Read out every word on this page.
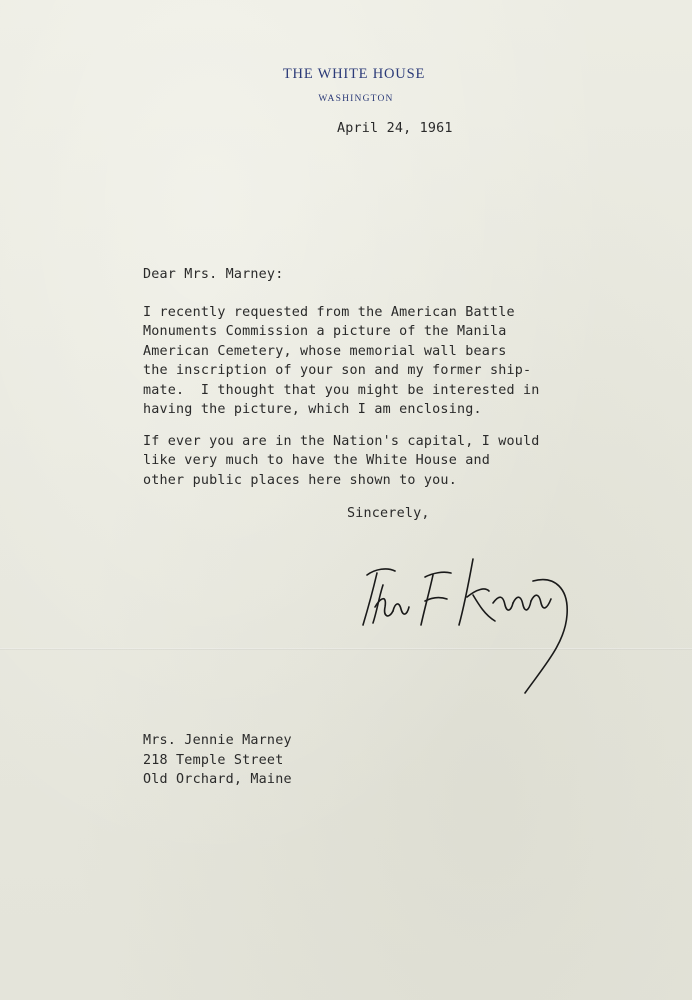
THE WHITE HOUSE
WASHINGTON
April 24, 1961
Dear Mrs. Marney:
I recently requested from the American Battle
Monuments Commission a picture of the Manila
American Cemetery, whose memorial wall bears
the inscription of your son and my former ship-
mate.  I thought that you might be interested in
having the picture, which I am enclosing.
If ever you are in the Nation's capital, I would
like very much to have the White House and
other public places here shown to you.
Sincerely,
Mrs. Jennie Marney
218 Temple Street
Old Orchard, Maine
